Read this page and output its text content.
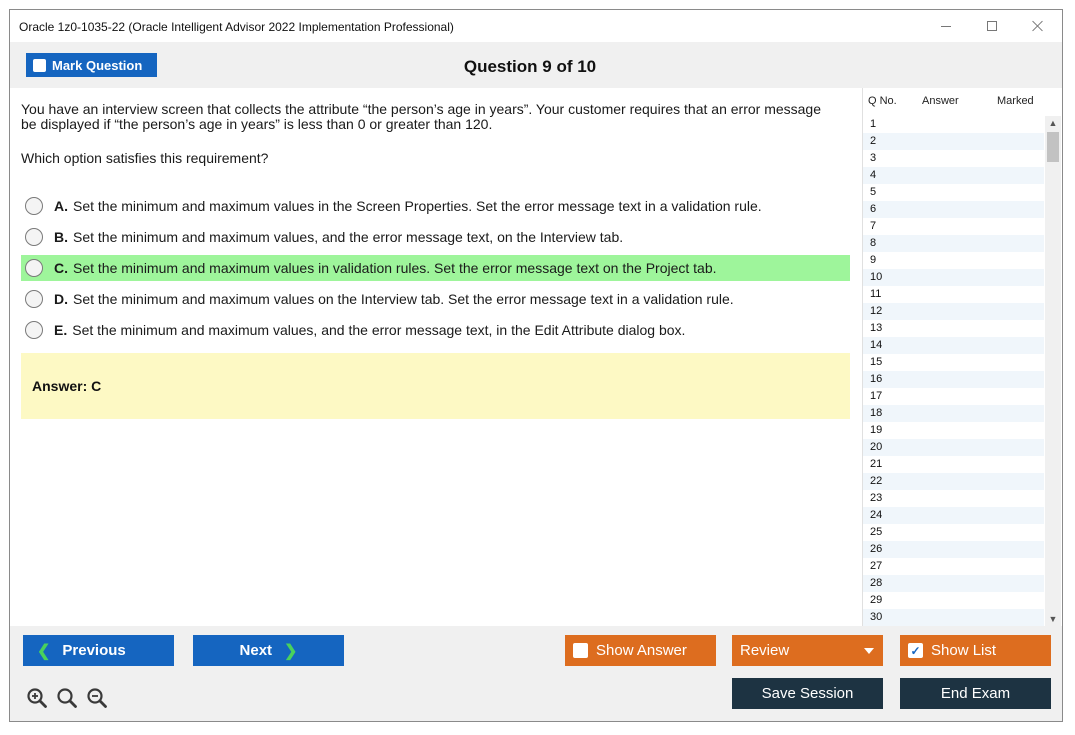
Oracle 1z0-1035-22 (Oracle Intelligent Advisor 2022 Implementation Professional)
Mark Question	Question 9 of 10
You have an interview screen that collects the attribute “the person’s age in years”. Your customer requires that an error message be displayed if “the person’s age in years” is less than 0 or greater than 120.
Which option satisfies this requirement?
A. Set the minimum and maximum values in the Screen Properties. Set the error message text in a validation rule.
B. Set the minimum and maximum values, and the error message text, on the Interview tab.
C. Set the minimum and maximum values in validation rules. Set the error message text on the Project tab.
D. Set the minimum and maximum values on the Interview tab. Set the error message text in a validation rule.
E. Set the minimum and maximum values, and the error message text, in the Edit Attribute dialog box.
Answer: C
Q No. Answer	Marked
1
2
3
4
5
6
7
8
9
10
11
12
13
14
15
16
17
18
19
20
21
22
23
24
25
26
27
28
29
30
▲
▼
❮ Previous	Next ❯	Show Answer	Review	✓ Show List
Save Session	End Exam
